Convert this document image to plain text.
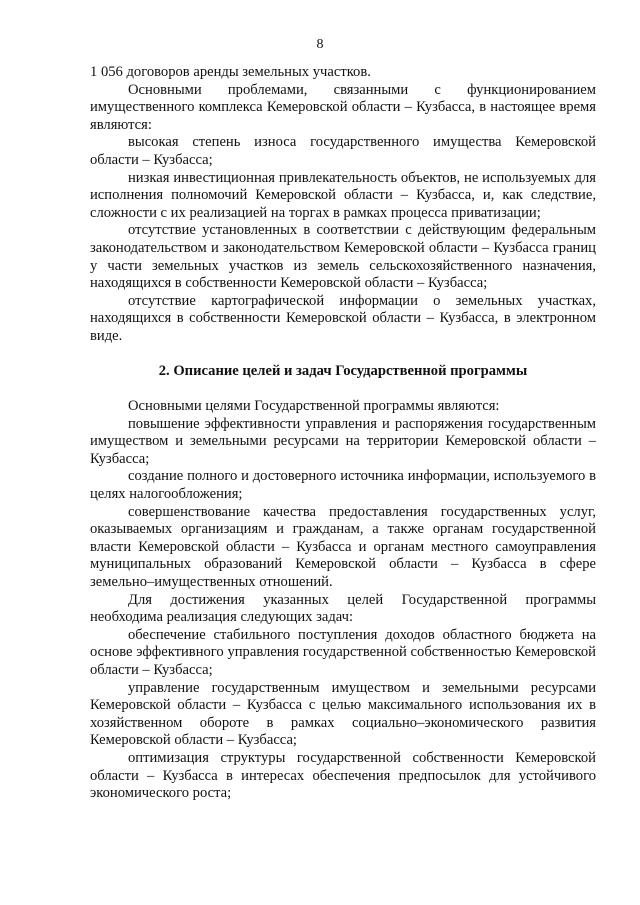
8

1 056 договоров аренды земельных участков.

Основными проблемами, связанными с функционированием имущественного комплекса Кемеровской области – Кузбасса, в настоящее время являются:

высокая степень износа государственного имущества Кемеровской области – Кузбасса;

низкая инвестиционная привлекательность объектов, не используемых для исполнения полномочий Кемеровской области – Кузбасса, и, как следствие, сложности с их реализацией на торгах в рамках процесса приватизации;

отсутствие установленных в соответствии с действующим федеральным законодательством и законодательством Кемеровской области – Кузбасса границ у части земельных участков из земель сельскохозяйственного назначения, находящихся в собственности Кемеровской области – Кузбасса;

отсутствие картографической информации о земельных участках, находящихся в собственности Кемеровской области – Кузбасса, в электронном виде.

2. Описание целей и задач Государственной программы

Основными целями Государственной программы являются:

повышение эффективности управления и распоряжения государственным имуществом и земельными ресурсами на территории Кемеровской области – Кузбасса;

создание полного и достоверного источника информации, используемого в целях налогообложения;

совершенствование качества предоставления государственных услуг, оказываемых организациям и гражданам, а также органам государственной власти Кемеровской области – Кузбасса и органам местного самоуправления муниципальных образований Кемеровской области – Кузбасса в сфере земельно–имущественных отношений.

Для достижения указанных целей Государственной программы необходима реализация следующих задач:

обеспечение стабильного поступления доходов областного бюджета на основе эффективного управления государственной собственностью Кемеровской области – Кузбасса;

управление государственным имуществом и земельными ресурсами Кемеровской области – Кузбасса с целью максимального использования их в хозяйственном обороте в рамках социально–экономического развития Кемеровской области – Кузбасса;

оптимизация структуры государственной собственности Кемеровской области – Кузбасса в интересах обеспечения предпосылок для устойчивого экономического роста;
